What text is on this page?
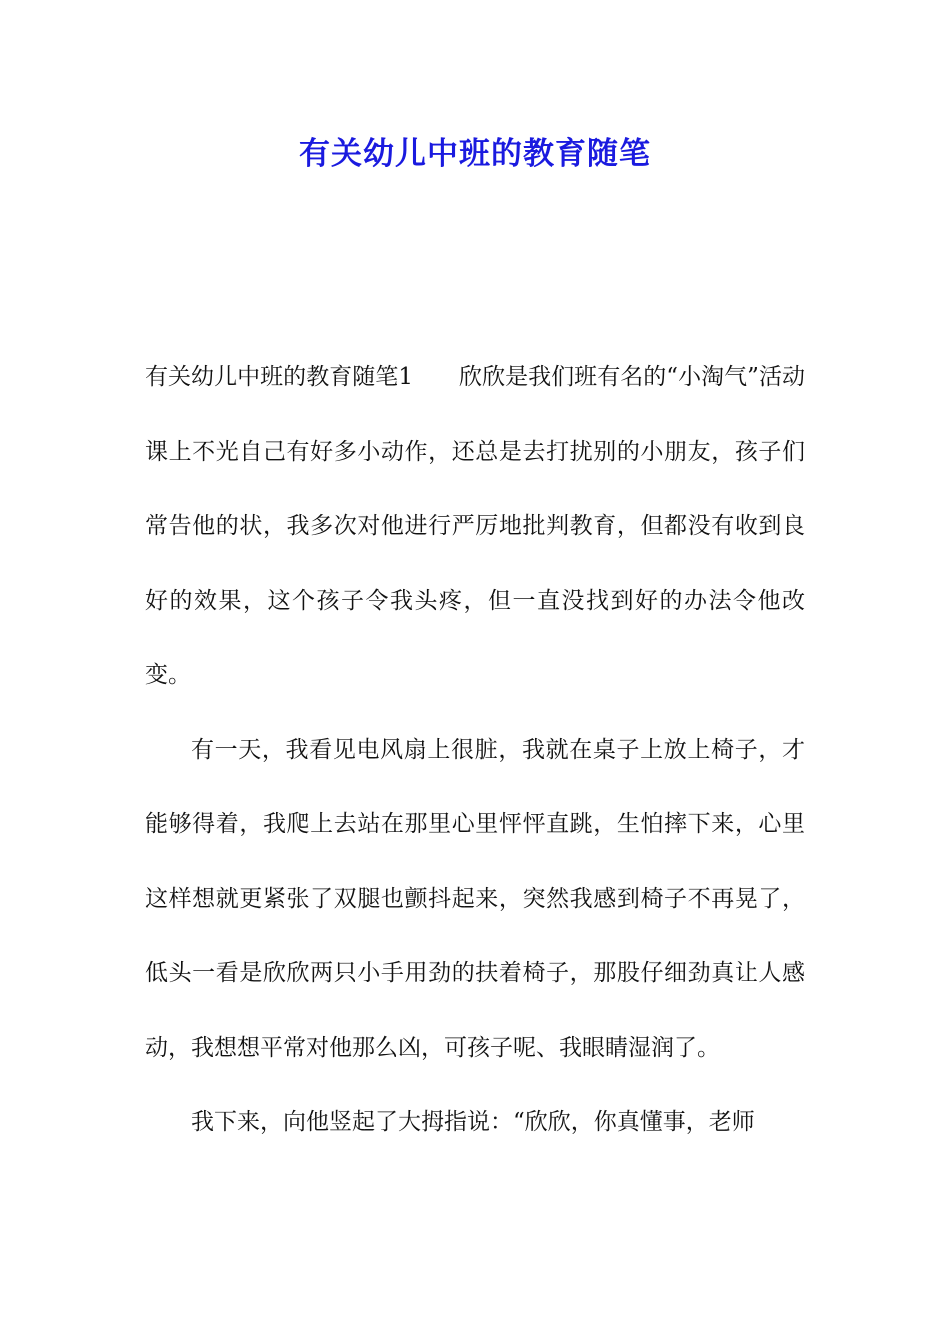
有关幼儿中班的教育随笔

有关幼儿中班的教育随笔1　　欣欣是我们班有名的“小淘气”活动课上不光自己有好多小动作，还总是去打扰别的小朋友，孩子们常告他的状，我多次对他进行严厉地批判教育，但都没有收到良好的效果，这个孩子令我头疼，但一直没找到好的办法令他改变。

有一天，我看见电风扇上很脏，我就在桌子上放上椅子，才能够得着，我爬上去站在那里心里怦怦直跳，生怕摔下来，心里这样想就更紧张了双腿也颤抖起来，突然我感到椅子不再晃了，低头一看是欣欣两只小手用劲的扶着椅子，那股仔细劲真让人感动，我想想平常对他那么凶，可孩子呢、我眼睛湿润了。

我下来，向他竖起了大拇指说：“欣欣，你真懂事，老师
